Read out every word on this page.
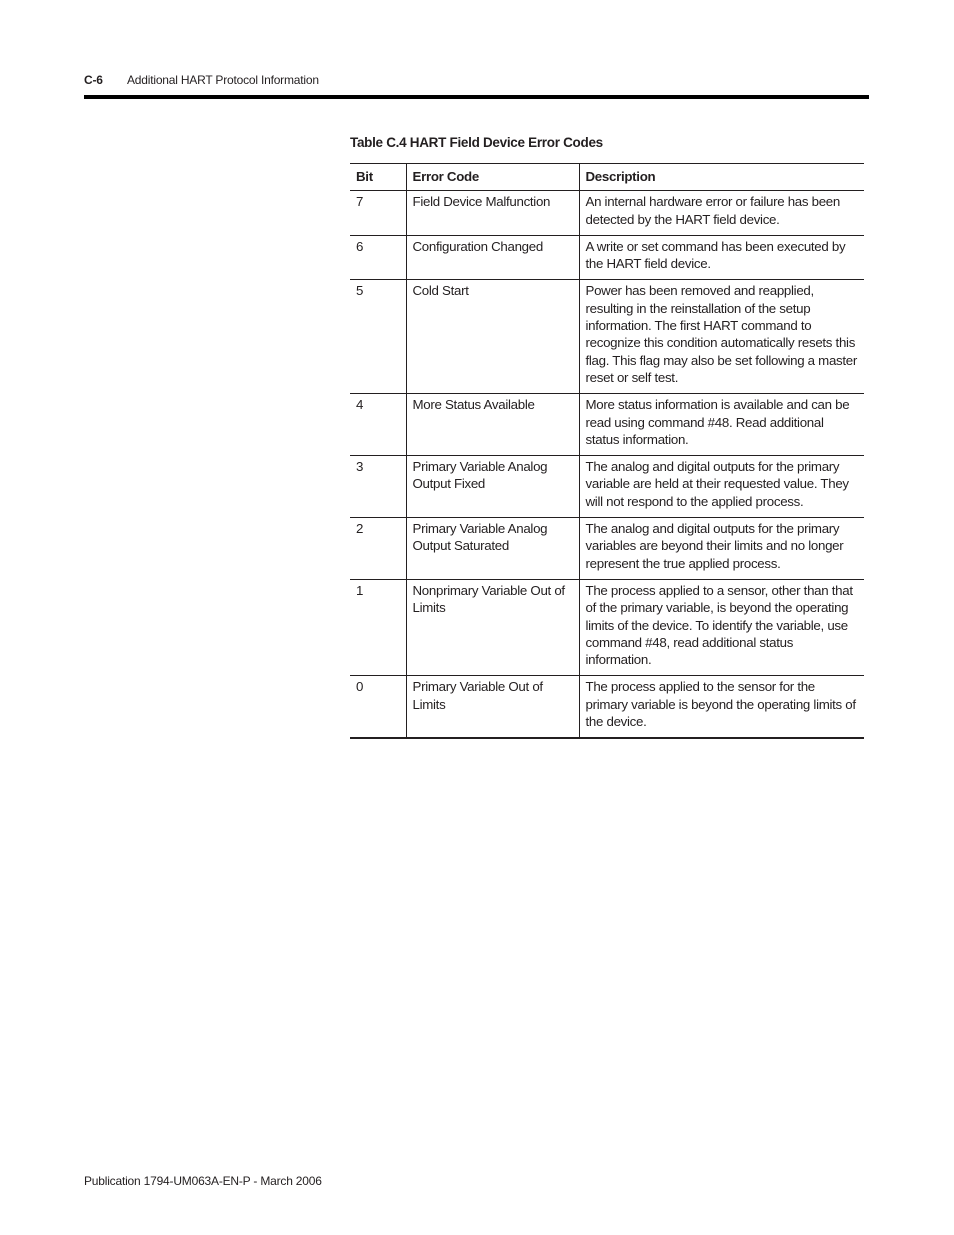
C-6 Additional HART Protocol Information
Table C.4 HART Field Device Error Codes
Bit	Error Code	Description
7	Field Device Malfunction	An internal hardware error or failure has been detected by the HART field device.
6	Configuration Changed	A write or set command has been executed by the HART field device.
5	Cold Start	Power has been removed and reapplied, resulting in the reinstallation of the setup information. The first HART command to recognize this condition automatically resets this flag. This flag may also be set following a master reset or self test.
4	More Status Available	More status information is available and can be read using command #48. Read additional status information.
3	Primary Variable Analog Output Fixed	The analog and digital outputs for the primary variable are held at their requested value. They will not respond to the applied process.
2	Primary Variable Analog Output Saturated	The analog and digital outputs for the primary variables are beyond their limits and no longer represent the true applied process.
1	Nonprimary Variable Out of Limits	The process applied to a sensor, other than that of the primary variable, is beyond the operating limits of the device. To identify the variable, use command #48, read additional status information.
0	Primary Variable Out of Limits	The process applied to the sensor for the primary variable is beyond the operating limits of the device.
Publication 1794-UM063A-EN-P - March 2006
